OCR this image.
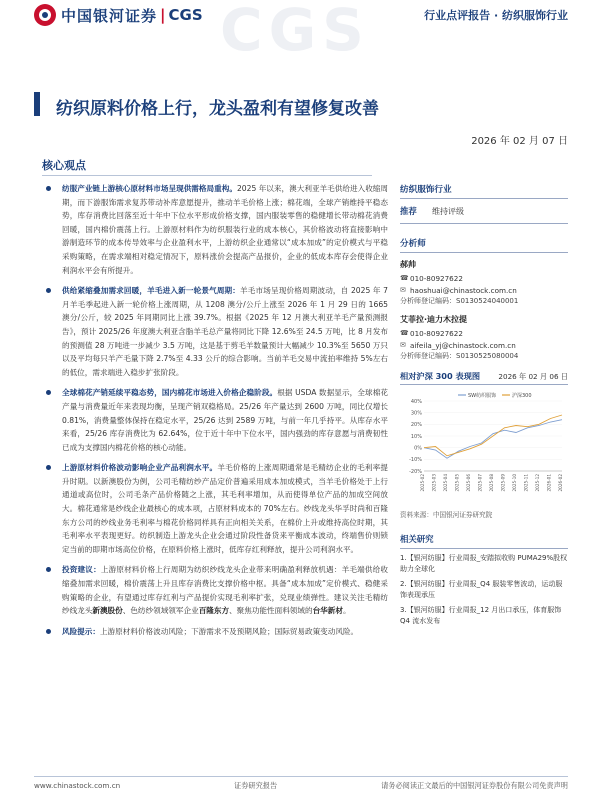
CGS
中国银河证券 | CGS	行业点评报告 · 纺织服饰行业
纺织原料价格上行，龙头盈利有望修复改善
2026 年 02 月 07 日
核心观点
纺服产业链上游核心原材料市场呈现供需格局重构。2025 年以来，澳大利亚羊毛供给进入收缩周期，而下游服饰需求复苏带动补库意愿提升，推动羊毛价格上涨；棉花端，全球产销维持平稳态势，库存消费比回落至近十年中下位水平形成价格支撑，国内服装零售的稳健增长带动棉花消费回暖，国内棉价震荡上行。上游原材料作为纺织服装行业的成本核心，其价格波动将直接影响中游制造环节的成本传导效率与企业盈利水平，上游纺织企业通常以“成本加成”的定价模式与平稳采购策略，在需求端相对稳定情况下，原料涨价会提高产品报价，企业的低成本库存会使得企业利润水平会有所提升。
供给紧缩叠加需求回暖，羊毛进入新一轮景气周期：羊毛市场呈现价格周期波动，自 2025 年 7 月羊毛季起进入新一轮价格上涨周期，从 1208 澳分/公斤上涨至 2026 年 1 月 29 日的 1665 澳分/公斤，较 2025 年同期同比上涨 39.7%。根据《2025 年 12 月澳大利亚羊毛产量预测报告》，预计 2025/26 年度澳大利亚含脂羊毛总产量将同比下降 12.6%至 24.5 万吨，比 8 月发布的预测值 28 万吨进一步减少 3.5 万吨，这是基于剪毛羊数量预计大幅减少 10.3%至 5650 万只以及平均每只羊产毛量下降 2.7%至 4.33 公斤的综合影响。当前羊毛交易中流拍率维持 5%左右的低位，需求端进入稳步扩张阶段。
全球棉花产销延续平稳态势，国内棉花市场进入价格企稳阶段。根据 USDA 数据显示，全球棉花产量与消费量近年来表现均衡，呈现产销双稳格局。25/26 年产量达到 2600 万吨，同比仅增长 0.81%，消费量整体保持在稳定水平，25/26 达到 2589 万吨，与前一年几乎持平。从库存水平来看，25/26 库存消费比为 62.64%，位于近十年中下位水平，国内强劲的库存意愿与消费韧性已成为支撑国内棉花价格的核心动能。
上游原材料价格波动影响企业产品利润水平。羊毛价格的上涨周期通常是毛精纺企业的毛利率提升时期。以新澳股份为例，公司毛精纺纱产品定价普遍采用成本加成模式，当羊毛价格处于上行通道或高位时，公司毛条产品价格随之上涨，其毛利率增加，从而使得单位产品的加成空间放大。棉花通常是纱线企业最核心的成本项，占原材料成本的 70%左右。纱线龙头华孚时尚和百隆东方公司的纱线业务毛利率与棉花价格同样具有正向相关关系，在棉价上升或维持高位时期，其毛利率水平表现更好。纺织制造上游龙头企业会通过阶段性备货来平衡成本波动，终端售价则锁定当前的即期市场高位价格，在原料价格上涨时，低库存红利释放，提升公司利润水平。
投资建议：上游原材料价格上行周期为纺织纱线龙头企业带来明确盈利释放机遇：羊毛端供给收缩叠加需求回暖，棉价震荡上升且库存消费比支撑价格中枢。具备“成本加成”定价模式、稳健采购策略的企业，有望通过库存红利与产品提价实现毛利率扩张，兑现业绩弹性。建议关注毛精纺纱线龙头新澳股份、色纺纱领域领军企业百隆东方、聚焦功能性面料领域的台华新材。
风险提示：上游原材料价格波动风险；下游需求不及预期风险；国际贸易政策变动风险。
纺织服饰行业
推荐	维持评级
分析师
郝帅
☎ 010-80927622
✉ haoshuai@chinastock.com.cn
分析师登记编码：S0130524040001
艾菲拉·迪力木拉提
☎ 010-80927622
✉ aifeila_yj@chinastock.com.cn
分析师登记编码：S0130525080004
相对沪深 300 表现图	2026 年 02 月 06 日
40%
30%
20%
10%
0%
-10%
-20%
2025-02 2025-03 2025-04 2025-05 2025-06 2025-07 2025-08 2025-09 2025-10 2025-11 2025-12 2026-01 2026-02
SW纺织服饰	沪深300
资料来源：中国银河证券研究院
相关研究
1.【银河纺服】行业周报_安踏拟收购 PUMA29%股权助力全球化
2.【银河纺服】行业周报_Q4 服装零售波动，运动服饰表现承压
3.【银河纺服】行业周报_12 月出口承压，体育服饰 Q4 流水发布
www.chinastock.com.cn	证券研究报告	请务必阅读正文最后的中国银河证券股份有限公司免责声明
